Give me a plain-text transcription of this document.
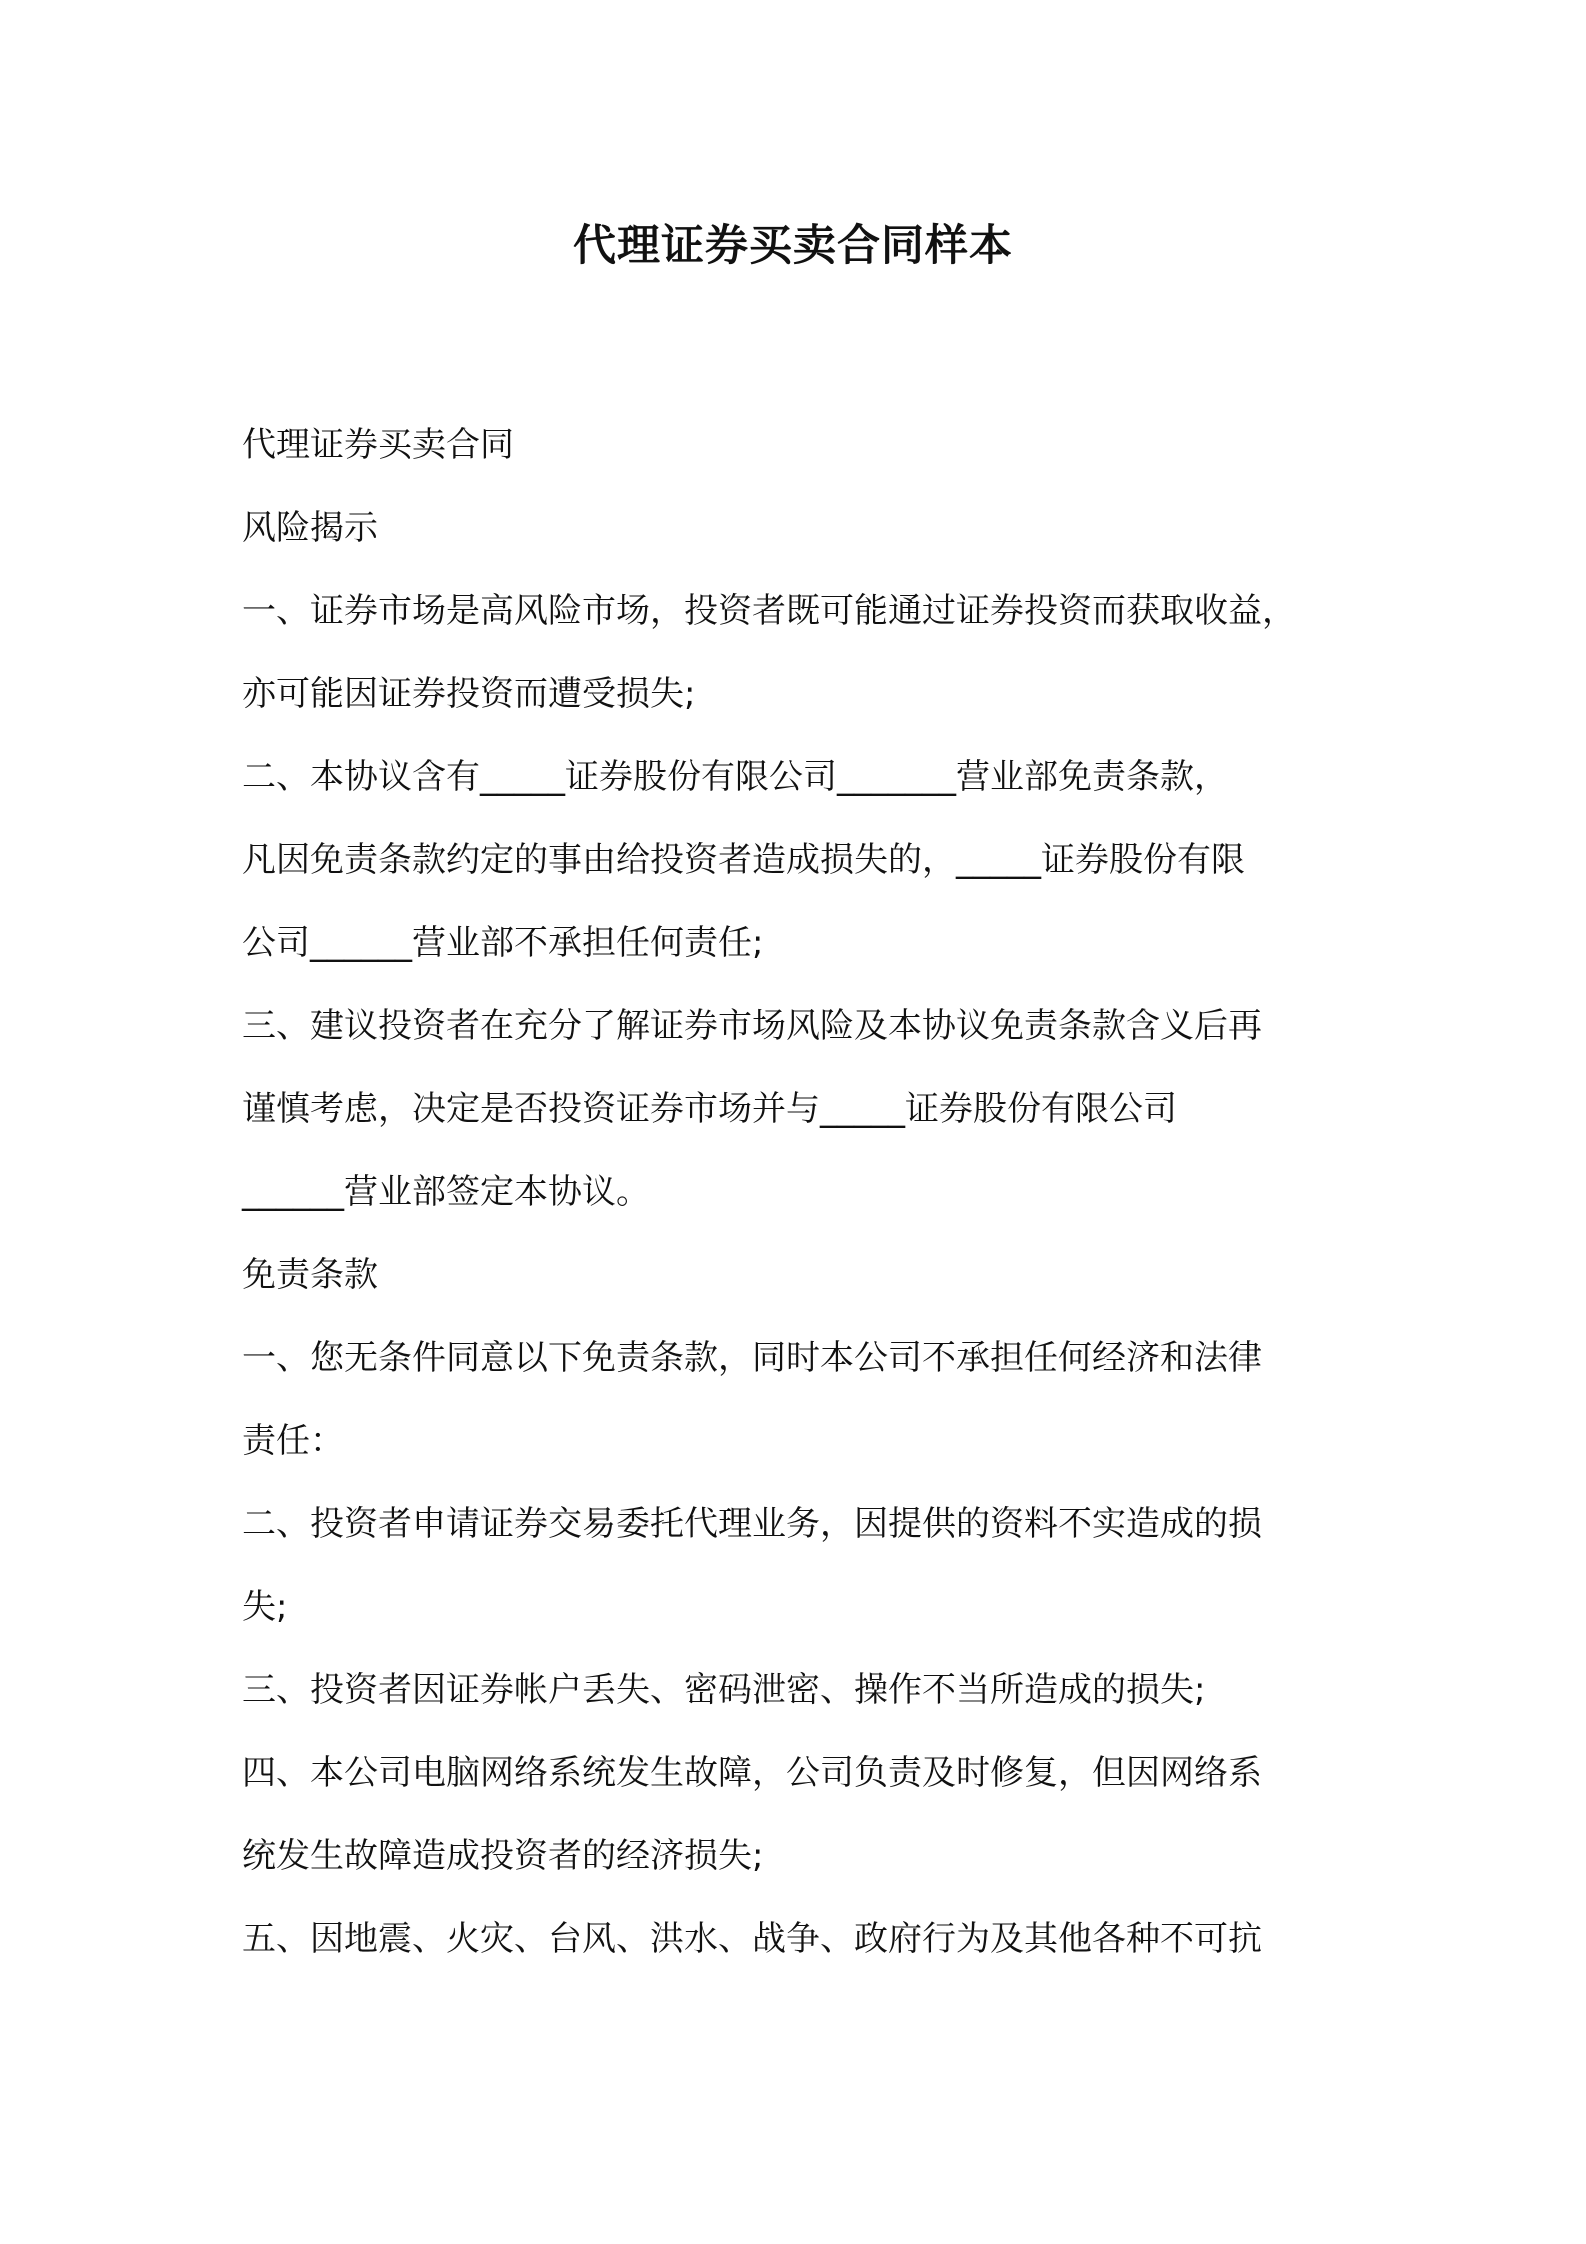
代理证券买卖合同样本

代理证券买卖合同

风险揭示

一、证券市场是高风险市场，投资者既可能通过证券投资而获取收益，

亦可能因证券投资而遭受损失;

二、本协议含有_____证券股份有限公司_______营业部免责条款，

凡因免责条款约定的事由给投资者造成损失的，_____证券股份有限

公司______营业部不承担任何责任;

三、建议投资者在充分了解证券市场风险及本协议免责条款含义后再

谨慎考虑，决定是否投资证券市场并与_____证券股份有限公司

______营业部签定本协议。

免责条款

一、您无条件同意以下免责条款，同时本公司不承担任何经济和法律

责任：

二、投资者申请证券交易委托代理业务，因提供的资料不实造成的损

失;

三、投资者因证券帐户丢失、密码泄密、操作不当所造成的损失;

四、本公司电脑网络系统发生故障，公司负责及时修复，但因网络系

统发生故障造成投资者的经济损失;

五、因地震、火灾、台风、洪水、战争、政府行为及其他各种不可抗
